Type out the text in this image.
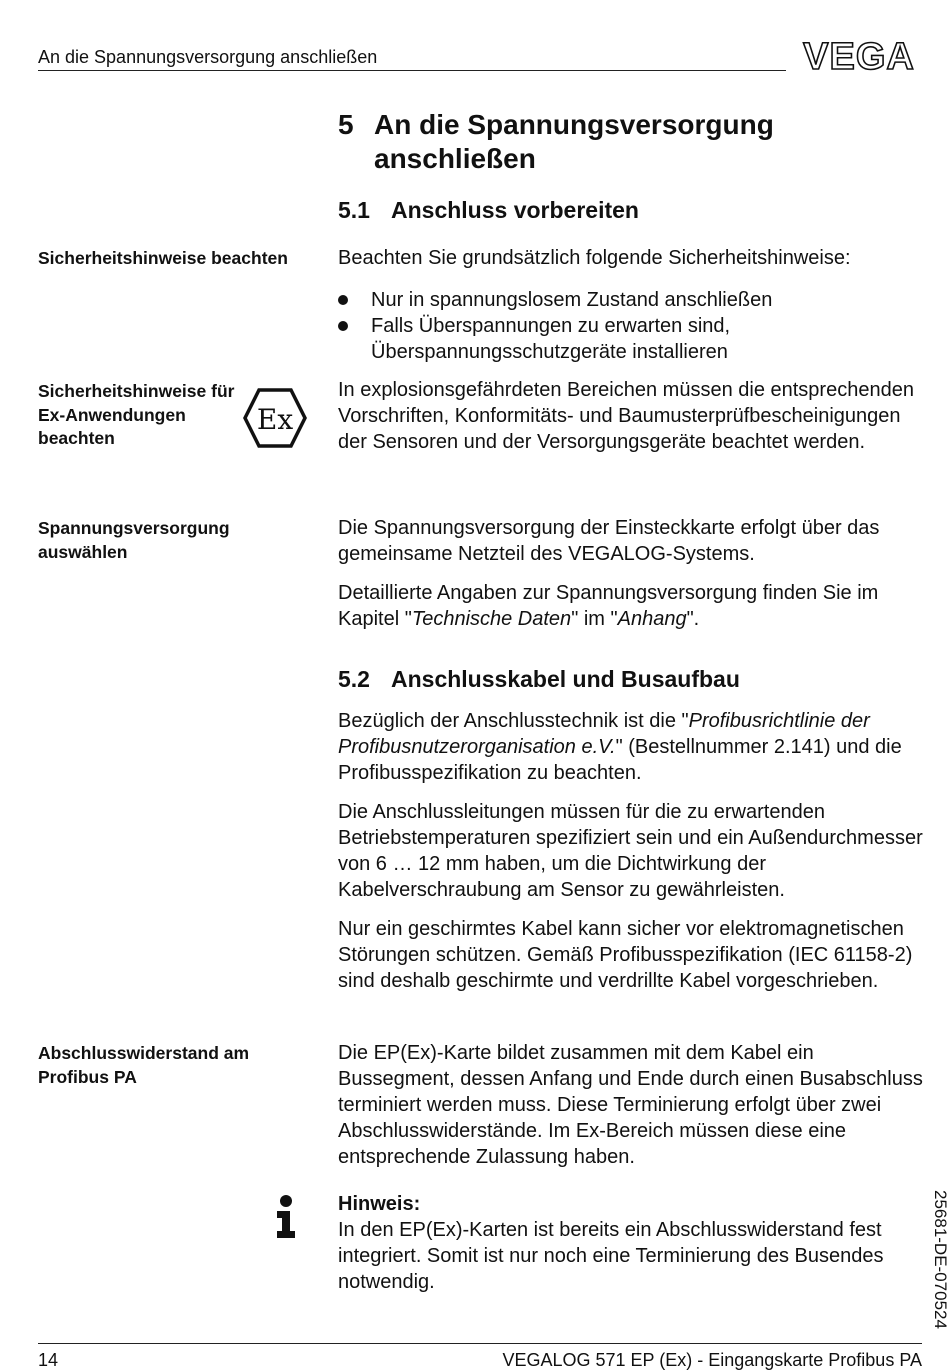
An die Spannungsversorgung anschließen	VEGA
5 An die Spannungsversorgung anschließen
5.1 Anschluss vorbereiten
Sicherheitshinweise beachten	Beachten Sie grundsätzlich folgende Sicherheitshinweise:

Nur in spannungslosem Zustand anschließen
Falls Überspannungen zu erwarten sind, Überspannungsschutzgeräte installieren
Sicherheitshinweise für Ex-Anwendungen beachten
Ex
In explosionsgefährdeten Bereichen müssen die entsprechenden Vorschriften, Konformitäts- und Baumusterprüfbescheinigungen der Sensoren und der Versorgungsgeräte beachtet werden.
Spannungsversorgung auswählen
Die Spannungsversorgung der Einsteckkarte erfolgt über das gemeinsame Netzteil des VEGALOG-Systems.
Detaillierte Angaben zur Spannungsversorgung finden Sie im Kapitel "Technische Daten" im "Anhang".
5.2 Anschlusskabel und Busaufbau
Bezüglich der Anschlusstechnik ist die "Profibusrichtlinie der Profibusnutzerorganisation e.V." (Bestellnummer 2.141) und die Profibusspezifikation zu beachten.
Die Anschlussleitungen müssen für die zu erwartenden Betriebstemperaturen spezifiziert sein und ein Außendurchmesser von 6 … 12 mm haben, um die Dichtwirkung der Kabelverschraubung am Sensor zu gewährleisten.
Nur ein geschirmtes Kabel kann sicher vor elektromagnetischen Störungen schützen. Gemäß Profibusspezifikation (IEC 61158-2) sind deshalb geschirmte und verdrillte Kabel vorgeschrieben.
Abschlusswiderstand am Profibus PA
Die EP(Ex)-Karte bildet zusammen mit dem Kabel ein Bussegment, dessen Anfang und Ende durch einen Busabschluss terminiert werden muss. Diese Terminierung erfolgt über zwei Abschlusswiderstände. Im Ex-Bereich müssen diese eine entsprechende Zulassung haben.

Hinweis:

In den EP(Ex)-Karten ist bereits ein Abschlusswiderstand fest integriert. Somit ist nur noch eine Terminierung des Busendes notwendig.	25681-DE-070524
14	VEGALOG 571 EP (Ex) - Eingangskarte Profibus PA
